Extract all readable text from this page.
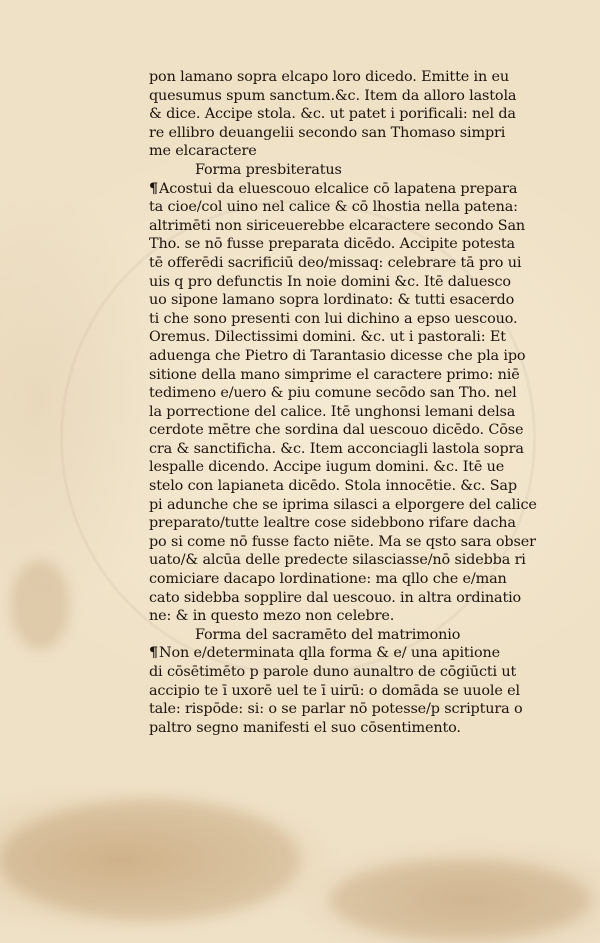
pon lamano sopra elcapo loro dicedo. Emitte in eu
quesumus spum sanctum.&c. Item da alloro lastola
& dice. Accipe stola. &c. ut patet i porificali: nel da
re ellibro deuangelii secondo san Thomaso simpri
me elcaractere
Forma presbiteratus
¶Acostui da eluescouo elcalice cō lapatena preparа
ta cioe/col uino nel calice & cō lhostia nella patena:
altrimēti non siriceuerebbe elcaractere secondo San
Tho. se nō fusse preparata dicēdo. Accipite potesta
tē offerēdi sacrificiū deo/missaq: celebrare tā pro ui
uis q pro defunctis In noie domini &c. Itē daluesco
uo sipone lamano sopra lordinato: & tutti esacerdo
ti che sono presenti con lui dichino a epso uescouo.
Oremus. Dilectissimi domini. &c. ut i pastorali: Et
aduenga che Pietro di Tarantasio dicesse che pla ipo
sitione della mano simprime el caractere primo: niē
tedimeno e/uero & piu comune secōdo san Tho. nel
la porrectione del calice. Itē unghonsi lemani delsa
cerdote mētre che sordina dal uescouo dicēdo. Cōse
cra & sanctificha. &c. Item acconciagli lastola sopra
lespalle dicendo. Accipe iugum domini. &c. Itē ue
stelo con lapianeta dicēdo. Stola innocētie. &c. Sap
pi adunche che se iprima silasci a elporgere del calice
preparato/tutte lealtre cose sidebbono rifare dacha
po si come nō fusse facto niēte. Ma se qsto sara obser
uato/& alcūa delle predecte silasciasse/nō sidebba ri
comiciare dacapo lordinatione: ma qllo che e/man
cato sidebba sopplire dal uescouo. in altra ordinatio
ne: & in questo mezo non celebre.
Forma del sacramēto del matrimonio
¶Non e/determinata qlla forma & e/ una apitione
di cōsētimēto p parole duno aunaltro de cōgiūcti ut
accipio te ī uxorē uel te ī uirū: o domāda se uuole el
tale: rispōde: si: o se parlar nō potesse/p scriptura o
paltro segno manifesti el suo cōsentimento.
